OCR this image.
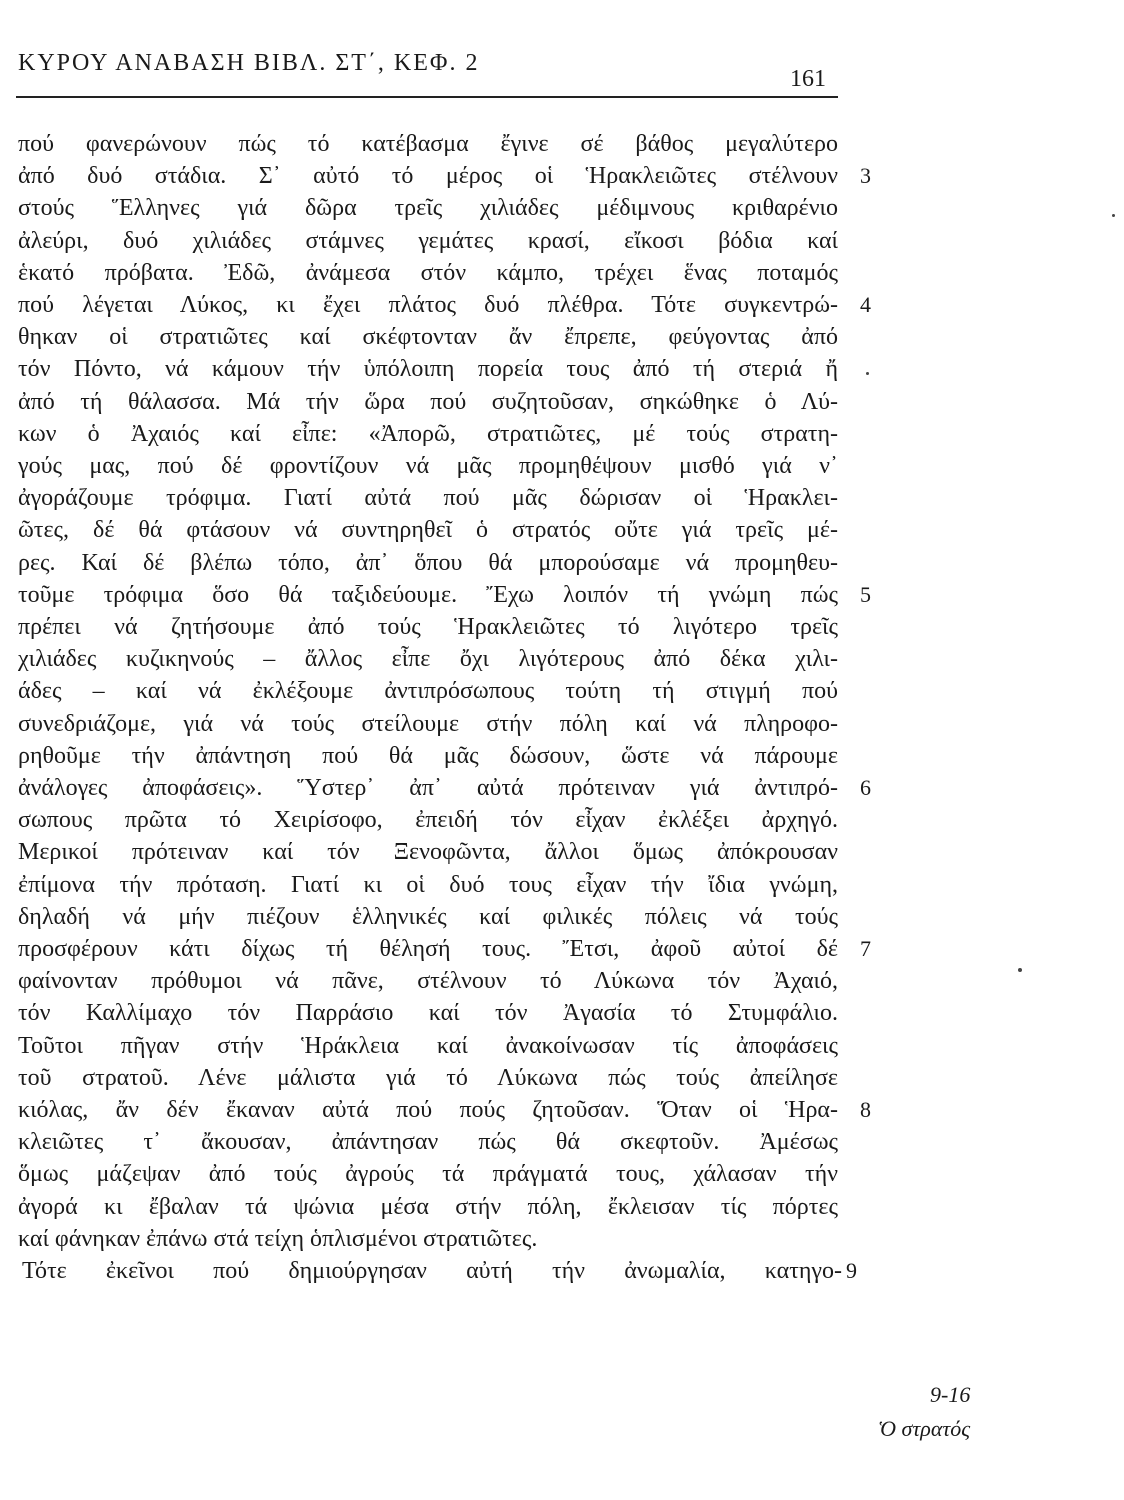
ΚΥΡΟΥ ΑΝΑΒΑΣΗ ΒΙΒΛ. ΣΤ΄, ΚΕΦ. 2
161
πού φανερώνουν πώς τό κατέβασμα ἔγινε σέ βάθος μεγαλύτερο
ἀπό δυό στάδια. Σ᾿ αὐτό τό μέρος οἱ Ἡρακλειῶτες στέλνουν 3
στούς Ἕλληνες γιά δῶρα τρεῖς χιλιάδες μέδιμνους κριθαρένιο
ἀλεύρι, δυό χιλιάδες στάμνες γεμάτες κρασί, εἴκοσι βόδια καί
ἑκατό πρόβατα. Ἐδῶ, ἀνάμεσα στόν κάμπο, τρέχει ἕνας ποταμός
πού λέγεται Λύκος, κι ἔχει πλάτος δυό πλέθρα. Τότε συγκεντρώ- 4
θηκαν οἱ στρατιῶτες καί σκέφτονταν ἄν ἔπρεπε, φεύγοντας ἀπό
τόν Πόντο, νά κάμουν τήν ὑπόλοιπη πορεία τους ἀπό τή στεριά ἤ
ἀπό τή θάλασσα. Μά τήν ὥρα πού συζητοῦσαν, σηκώθηκε ὁ Λύ-
κων ὁ Ἀχαιός καί εἶπε: «Ἀπορῶ, στρατιῶτες, μέ τούς στρατη-
γούς μας, πού δέ φροντίζουν νά μᾶς προμηθέψουν μισθό γιά ν᾿
ἀγοράζουμε τρόφιμα. Γιατί αὐτά πού μᾶς δώρισαν οἱ Ἡρακλει-
ῶτες, δέ θά φτάσουν νά συντηρηθεῖ ὁ στρατός οὔτε γιά τρεῖς μέ-
ρες. Καί δέ βλέπω τόπο, ἀπ᾿ ὅπου θά μπορούσαμε νά προμηθευ-
τοῦμε τρόφιμα ὅσο θά ταξιδεύουμε. Ἔχω λοιπόν τή γνώμη πώς 5
πρέπει νά ζητήσουμε ἀπό τούς Ἡρακλειῶτες τό λιγότερο τρεῖς
χιλιάδες κυζικηνούς – ἄλλος εἶπε ὄχι λιγότερους ἀπό δέκα χιλι-
άδες – καί νά ἐκλέξουμε ἀντιπρόσωπους τούτη τή στιγμή πού
συνεδριάζομε, γιά νά τούς στείλουμε στήν πόλη καί νά πληροφο-
ρηθοῦμε τήν ἀπάντηση πού θά μᾶς δώσουν, ὥστε νά πάρουμε
ἀνάλογες ἀποφάσεις». Ὕστερ᾿ ἀπ᾿ αὐτά πρότειναν γιά ἀντιπρό- 6
σωπους πρῶτα τό Χειρίσοφο, ἐπειδή τόν εἶχαν ἐκλέξει ἀρχηγό.
Μερικοί πρότειναν καί τόν Ξενοφῶντα, ἄλλοι ὅμως ἀπόκρουσαν
ἐπίμονα τήν πρόταση. Γιατί κι οἱ δυό τους εἶχαν τήν ἴδια γνώμη,
δηλαδή νά μήν πιέζουν ἑλληνικές καί φιλικές πόλεις νά τούς
προσφέρουν κάτι δίχως τή θέλησή τους. Ἔτσι, ἀφοῦ αὐτοί δέ 7
φαίνονταν πρόθυμοι νά πᾶνε, στέλνουν τό Λύκωνα τόν Ἀχαιό,
τόν Καλλίμαχο τόν Παρράσιο καί τόν Ἀγασία τό Στυμφάλιο.
Τοῦτοι πῆγαν στήν Ἡράκλεια καί ἀνακοίνωσαν τίς ἀποφάσεις
τοῦ στρατοῦ. Λένε μάλιστα γιά τό Λύκωνα πώς τούς ἀπείλησε
κιόλας, ἄν δέν ἔκαναν αὐτά πού πούς ζητοῦσαν. Ὅταν οἱ Ἡρα- 8
κλειῶτες τ᾿ ἄκουσαν, ἀπάντησαν πώς θά σκεφτοῦν. Ἀμέσως
ὅμως μάζεψαν ἀπό τούς ἀγρούς τά πράγματά τους, χάλασαν τήν
ἀγορά κι ἔβαλαν τά ψώνια μέσα στήν πόλη, ἔκλεισαν τίς πόρτες
καί φάνηκαν ἐπάνω στά τείχη ὁπλισμένοι στρατιῶτες.
Τότε ἐκεῖνοι πού δημιούργησαν αὐτή τήν ἀνωμαλία, κατηγο- 9
9-16
Ὁ στρατός
